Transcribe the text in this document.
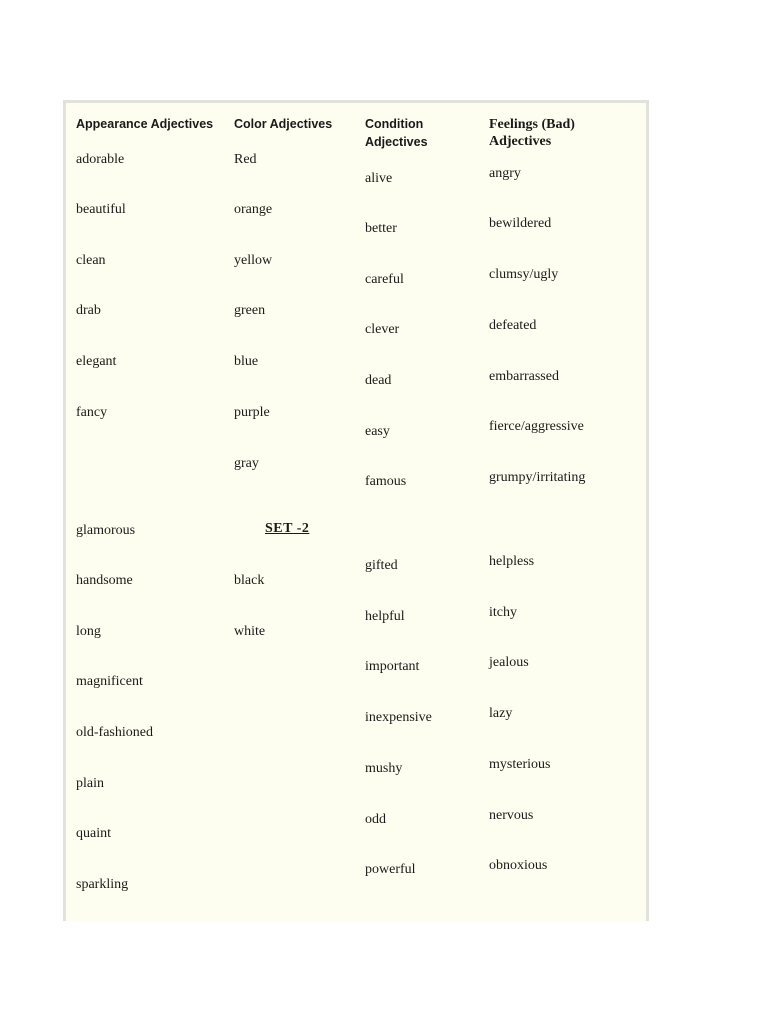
Appearance Adjectives
adorable
beautiful
clean
drab
elegant
fancy
glamorous
handsome
long
magnificent
old-fashioned
plain
quaint
sparkling
Color Adjectives
Red
orange
yellow
green
blue
purple
gray
black
white
SET -2
Condition
Adjectives
alive
better
careful
clever
dead
easy
famous
gifted
helpful
important
inexpensive
mushy
odd
powerful
Feelings (Bad)
Adjectives
angry
bewildered
clumsy/ugly
defeated
embarrassed
fierce/aggressive
grumpy/irritating
helpless
itchy
jealous
lazy
mysterious
nervous
obnoxious
